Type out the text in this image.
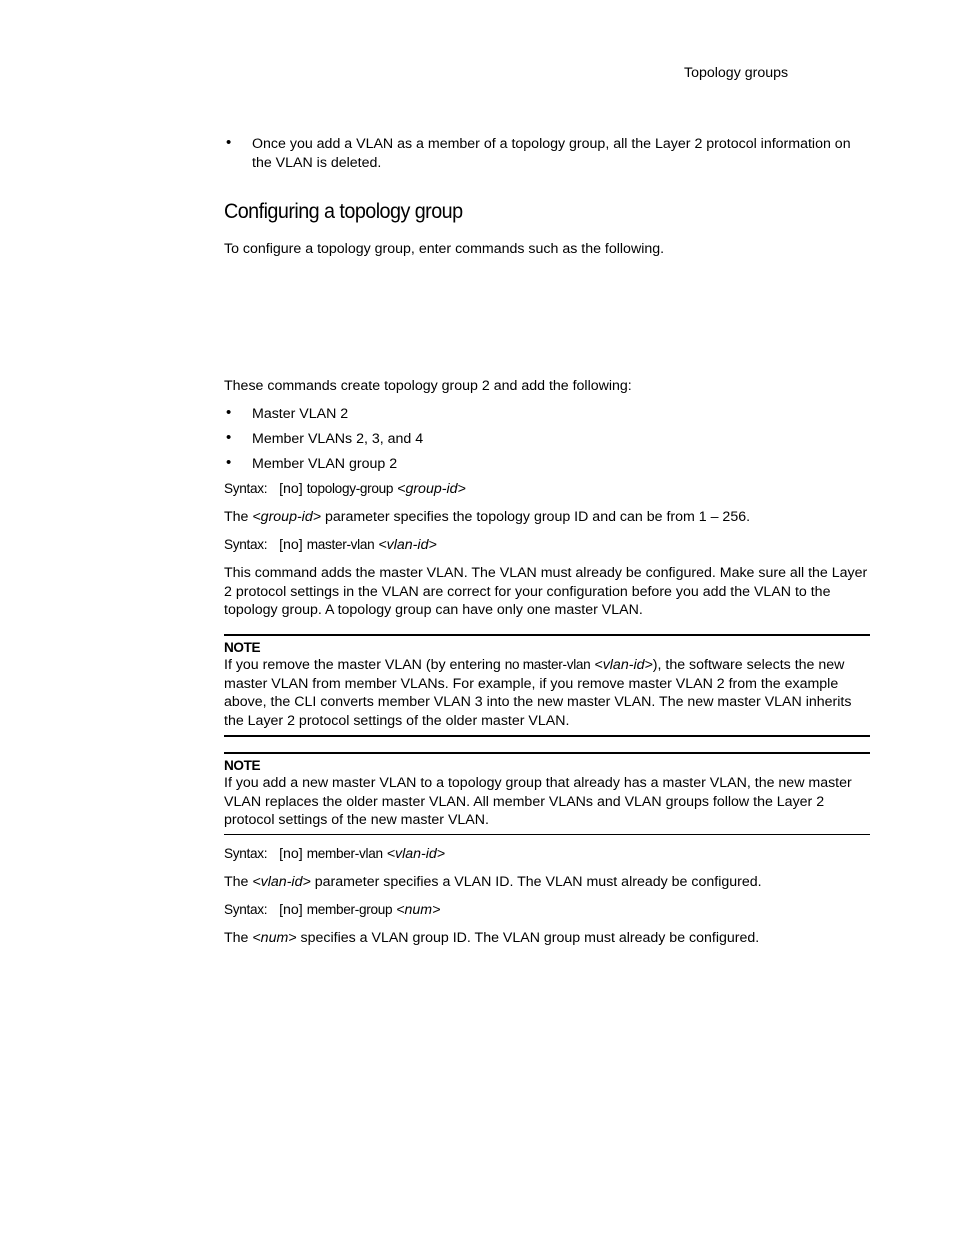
Topology groups
• Once you add a VLAN as a member of a topology group, all the Layer 2 protocol information on the VLAN is deleted.
Configuring a topology group
To configure a topology group, enter commands such as the following.
These commands create topology group 2 and add the following:
• Master VLAN 2
• Member VLANs 2, 3, and 4
• Member VLAN group 2
Syntax: [no] topology-group <group-id>
The <group-id> parameter specifies the topology group ID and can be from 1 – 256.
Syntax: [no] master-vlan <vlan-id>
This command adds the master VLAN. The VLAN must already be configured. Make sure all the Layer 2 protocol settings in the VLAN are correct for your configuration before you add the VLAN to the topology group. A topology group can have only one master VLAN.
NOTE
If you remove the master VLAN (by entering no master-vlan <vlan-id>), the software selects the new master VLAN from member VLANs. For example, if you remove master VLAN 2 from the example above, the CLI converts member VLAN 3 into the new master VLAN. The new master VLAN inherits the Layer 2 protocol settings of the older master VLAN.
NOTE
If you add a new master VLAN to a topology group that already has a master VLAN, the new master VLAN replaces the older master VLAN. All member VLANs and VLAN groups follow the Layer 2 protocol settings of the new master VLAN.
Syntax: [no] member-vlan <vlan-id>
The <vlan-id> parameter specifies a VLAN ID. The VLAN must already be configured.
Syntax: [no] member-group <num>
The <num> specifies a VLAN group ID. The VLAN group must already be configured.
